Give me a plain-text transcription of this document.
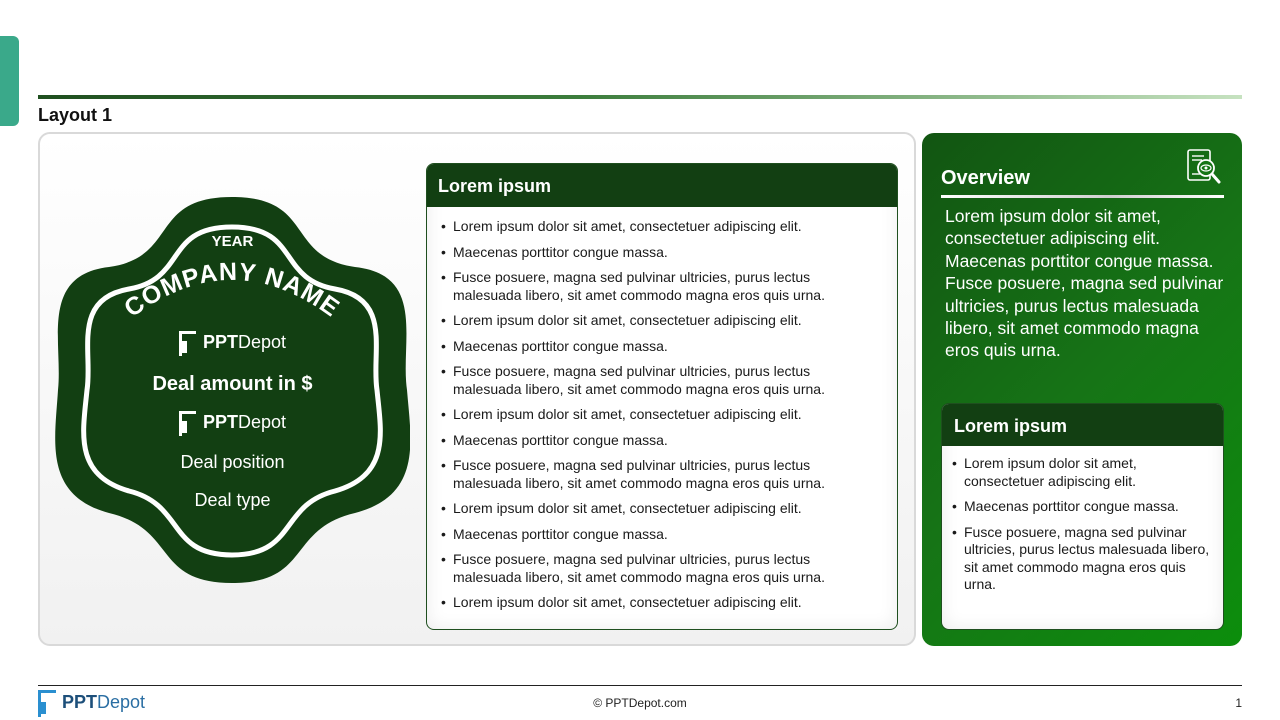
Layout 1
COMPANY NAME
YEAR
PPTDepot
Deal amount in $
PPTDepot
Deal position
Deal type
Lorem ipsum
• Lorem ipsum dolor sit amet, consectetuer adipiscing elit.
• Maecenas porttitor congue massa.
• Fusce posuere, magna sed pulvinar ultricies, purus lectus malesuada libero, sit amet commodo magna eros quis urna.
• Lorem ipsum dolor sit amet, consectetuer adipiscing elit.
• Maecenas porttitor congue massa.
• Fusce posuere, magna sed pulvinar ultricies, purus lectus malesuada libero, sit amet commodo magna eros quis urna.
• Lorem ipsum dolor sit amet, consectetuer adipiscing elit.
• Maecenas porttitor congue massa.
• Fusce posuere, magna sed pulvinar ultricies, purus lectus malesuada libero, sit amet commodo magna eros quis urna.
• Lorem ipsum dolor sit amet, consectetuer adipiscing elit.
• Maecenas porttitor congue massa.
• Fusce posuere, magna sed pulvinar ultricies, purus lectus malesuada libero, sit amet commodo magna eros quis urna.
• Lorem ipsum dolor sit amet, consectetuer adipiscing elit.
Overview
Lorem ipsum dolor sit amet, consectetuer adipiscing elit. Maecenas porttitor congue massa. Fusce posuere, magna sed pulvinar ultricies, purus lectus malesuada libero, sit amet commodo magna eros quis urna.
Lorem ipsum
• Lorem ipsum dolor sit amet, consectetuer adipiscing elit.
• Maecenas porttitor congue massa.
• Fusce posuere, magna sed pulvinar ultricies, purus lectus malesuada libero, sit amet commodo magna eros quis urna.
PPTDepot	© PPTDepot.com	1
